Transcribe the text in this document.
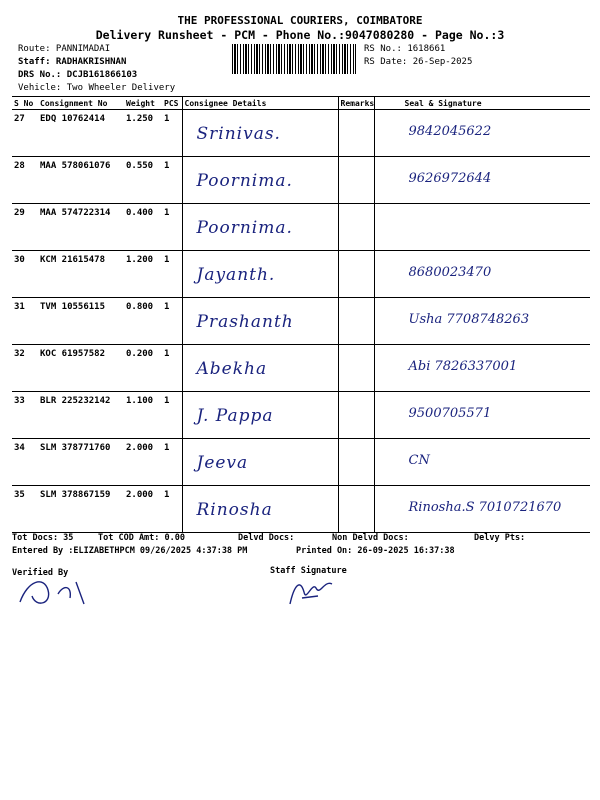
THE PROFESSIONAL COURIERS, COIMBATORE
Delivery Runsheet - PCM - Phone No.:9047080280 - Page No.:3
Route: PANNIMADAI
Staff: RADHAKRISHNAN
DRS No.: DCJB161866103
Vehicle: Two Wheeler Delivery
RS No.: 1618661
RS Date: 26-Sep-2025
S No	Consignment No	Weight	PCS	Consignee Details	Remarks	Seal & Signature
27	EDQ 10762414	1.250	1	Srinivas.		9842045622

28	MAA 578061076	0.550	1	Poornima.		9626972644

29	MAA 574722314	0.400	1	Poornima.		

30	KCM 21615478	1.200	1	Jayanth.		8680023470

31	TVM 10556115	0.800	1	Prashanth		Usha 7708748263

32	KOC 61957582	0.200	1	Abekha		Abi 7826337001

33	BLR 225232142	1.100	1	J. Pappa		9500705571

34	SLM 378771760	2.000	1	Jeeva		CN

35	SLM 378867159	2.000	1	Rinosha		Rinosha.S 7010721670
Tot Docs: 35	Tot COD Amt: 0.00	Delvd Docs:	Non Delvd Docs:	Delvy Pts:
Entered By :ELIZABETHPCM 09/26/2025 4:37:38 PM	Printed On: 26-09-2025 16:37:38
Verified By	Staff Signature
